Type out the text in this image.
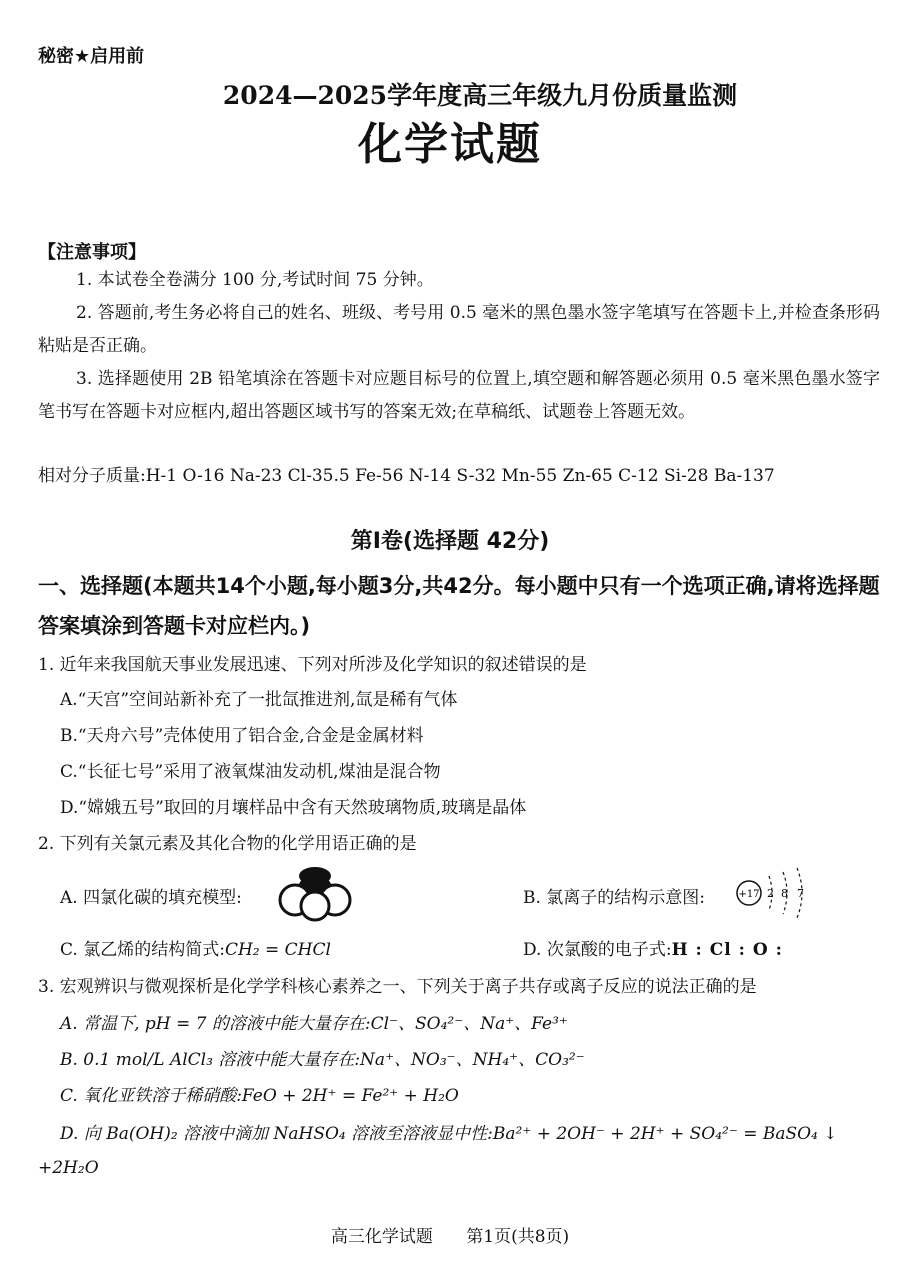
秘密★启用前
2024—2025学年度高三年级九月份质量监测
化学试题
【注意事项】
1. 本试卷全卷满分 100 分,考试时间 75 分钟。
2. 答题前,考生务必将自己的姓名、班级、考号用 0.5 毫米的黑色墨水签字笔填写在答题卡上,并检查条形码粘贴是否正确。
3. 选择题使用 2B 铅笔填涂在答题卡对应题目标号的位置上,填空题和解答题必须用 0.5 毫米黑色墨水签字笔书写在答题卡对应框内,超出答题区域书写的答案无效;在草稿纸、试题卷上答题无效。
相对分子质量:H-1 O-16 Na-23 Cl-35.5 Fe-56 N-14 S-32 Mn-55 Zn-65 C-12 Si-28 Ba-137
第Ⅰ卷(选择题 42分)
一、选择题(本题共14个小题,每小题3分,共42分。每小题中只有一个选项正确,请将选择题答案填涂到答题卡对应栏内。)
1. 近年来我国航天事业发展迅速、下列对所涉及化学知识的叙述错误的是
A.“天宫”空间站新补充了一批氙推进剂,氙是稀有气体
B.“天舟六号”壳体使用了铝合金,合金是金属材料
C.“长征七号”采用了液氧煤油发动机,煤油是混合物
D.“嫦娥五号”取回的月壤样品中含有天然玻璃物质,玻璃是晶体
2. 下列有关氯元素及其化合物的化学用语正确的是
A. 四氯化碳的填充模型:	B. 氯离子的结构示意图:	+17 2 8 7
C. 氯乙烯的结构简式:CH₂ = CHCl	D. 次氯酸的电子式:H : Cl : O :
3. 宏观辨识与微观探析是化学学科核心素养之一、下列关于离子共存或离子反应的说法正确的是
A. 常温下, pH = 7 的溶液中能大量存在:Cl⁻、SO₄²⁻、Na⁺、Fe³⁺
B. 0.1 mol/L AlCl₃ 溶液中能大量存在:Na⁺、NO₃⁻、NH₄⁺、CO₃²⁻
C. 氧化亚铁溶于稀硝酸:FeO + 2H⁺ = Fe²⁺ + H₂O
D. 向 Ba(OH)₂ 溶液中滴加 NaHSO₄ 溶液至溶液显中性:Ba²⁺ + 2OH⁻ + 2H⁺ + SO₄²⁻ = BaSO₄ ↓ +2H₂O
高三化学试题 第1页(共8页)
